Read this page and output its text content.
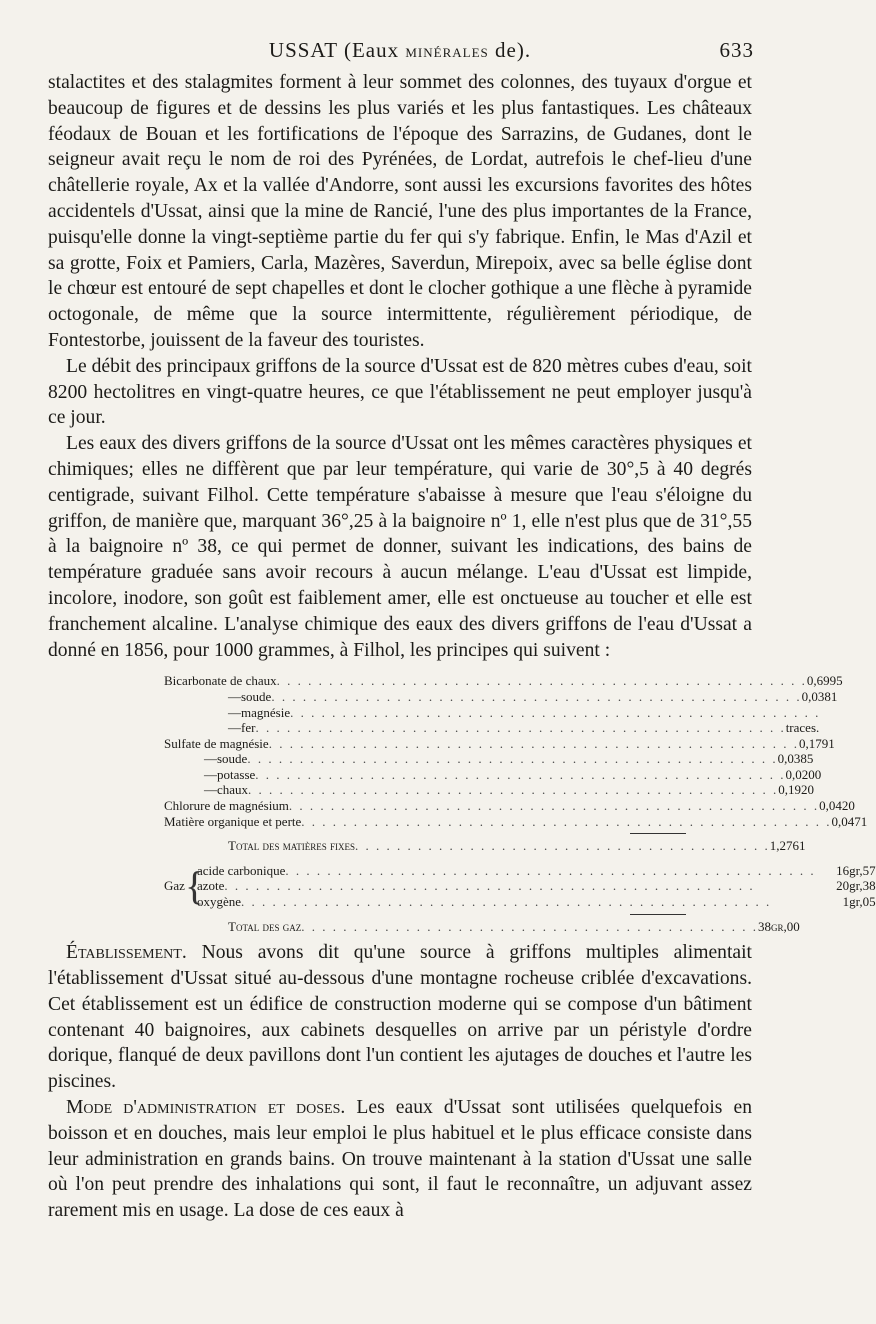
USSAT (Eaux minérales de).	633

stalactites et des stalagmites forment à leur sommet des colonnes, des tuyaux d'orgue et beaucoup de figures et de dessins les plus variés et les plus fantastiques. Les châteaux féodaux de Bouan et les fortifications de l'époque des Sarrazins, de Gudanes, dont le seigneur avait reçu le nom de roi des Pyrénées, de Lordat, autrefois le chef-lieu d'une châtellerie royale, Ax et la vallée d'Andorre, sont aussi les excursions favorites des hôtes accidentels d'Ussat, ainsi que la mine de Rancié, l'une des plus importantes de la France, puisqu'elle donne la vingt-septième partie du fer qui s'y fabrique. Enfin, le Mas d'Azil et sa grotte, Foix et Pamiers, Carla, Mazères, Saverdun, Mirepoix, avec sa belle église dont le chœur est entouré de sept chapelles et dont le clocher gothique a une flèche à pyramide octogonale, de même que la source intermittente, régulièrement périodique, de Fontestorbe, jouissent de la faveur des touristes.

Le débit des principaux griffons de la source d'Ussat est de 820 mètres cubes d'eau, soit 8200 hectolitres en vingt-quatre heures, ce que l'établissement ne peut employer jusqu'à ce jour.

Les eaux des divers griffons de la source d'Ussat ont les mêmes caractères physiques et chimiques; elles ne diffèrent que par leur température, qui varie de 30°,5 à 40 degrés centigrade, suivant Filhol. Cette température s'abaisse à mesure que l'eau s'éloigne du griffon, de manière que, marquant 36°,25 à la baignoire nº 1, elle n'est plus que de 31°,55 à la baignoire nº 38, ce qui permet de donner, suivant les indications, des bains de température graduée sans avoir recours à aucun mélange. L'eau d'Ussat est limpide, incolore, inodore, son goût est faiblement amer, elle est onctueuse au toucher et elle est franchement alcaline. L'analyse chimique des eaux des divers griffons de l'eau d'Ussat a donné en 1856, pour 1000 grammes, à Filhol, les principes qui suivent :

Bicarbonate de chaux . . . . . . . . . . . . . . . . . . . . . . . . . . . . . . . . . . . . . . . . . . . . . . . . . . . 0,6995
— soude . . . . . . . . . . . . . . . . . . . . . . . . . . . . . . . . . . . . . . . . . . . . . . . . . . . 0,0381
— magnésie . . . . . . . . . . . . . . . . . . . . . . . . . . . . . . . . . . . . . . . . . . . . . . . . . . .
— fer . . . . . . . . . . . . . . . . . . . . . . . . . . . . . . . . . . . . . . . . . . . . . . . . . . . traces.
Sulfate de magnésie . . . . . . . . . . . . . . . . . . . . . . . . . . . . . . . . . . . . . . . . . . . . . . . . . . . 0,1791
— soude . . . . . . . . . . . . . . . . . . . . . . . . . . . . . . . . . . . . . . . . . . . . . . . . . . . 0,0385
— potasse . . . . . . . . . . . . . . . . . . . . . . . . . . . . . . . . . . . . . . . . . . . . . . . . . . . 0,0200
— chaux . . . . . . . . . . . . . . . . . . . . . . . . . . . . . . . . . . . . . . . . . . . . . . . . . . . 0,1920
Chlorure de magnésium . . . . . . . . . . . . . . . . . . . . . . . . . . . . . . . . . . . . . . . . . . . . . . . . . . . 0,0420
Matière organique et perte . . . . . . . . . . . . . . . . . . . . . . . . . . . . . . . . . . . . . . . . . . . . . . . . . . . 0,0471
Total des matières fixes . . . . . . . . . . . . . . . . . . . . . . . . . . . . . . . . . . . . . . . . 1,2761
Gaz {
acide carbonique . . . . . . . . . . . . . . . . . . . . . . . . . . . . . . . . . . . . . . . . . . . . . . . . . . .	16gr,57
azote . . . . . . . . . . . . . . . . . . . . . . . . . . . . . . . . . . . . . . . . . . . . . . . . . . .	20gr,38
oxygène . . . . . . . . . . . . . . . . . . . . . . . . . . . . . . . . . . . . . . . . . . . . . . . . . . .	1gr,05
Total des gaz . . . . . . . . . . . . . . . . . . . . . . . . . . . . . . . . . . . . . . . . . . . . 38gr,00

Établissement. Nous avons dit qu'une source à griffons multiples alimentait l'établissement d'Ussat situé au-dessous d'une montagne rocheuse criblée d'excavations. Cet établissement est un édifice de construction moderne qui se compose d'un bâtiment contenant 40 baignoires, aux cabinets desquelles on arrive par un péristyle d'ordre dorique, flanqué de deux pavillons dont l'un contient les ajutages de douches et l'autre les piscines.

Mode d'administration et doses. Les eaux d'Ussat sont utilisées quelquefois en boisson et en douches, mais leur emploi le plus habituel et le plus efficace consiste dans leur administration en grands bains. On trouve maintenant à la station d'Ussat une salle où l'on peut prendre des inhalations qui sont, il faut le reconnaître, un adjuvant assez rarement mis en usage. La dose de ces eaux à
